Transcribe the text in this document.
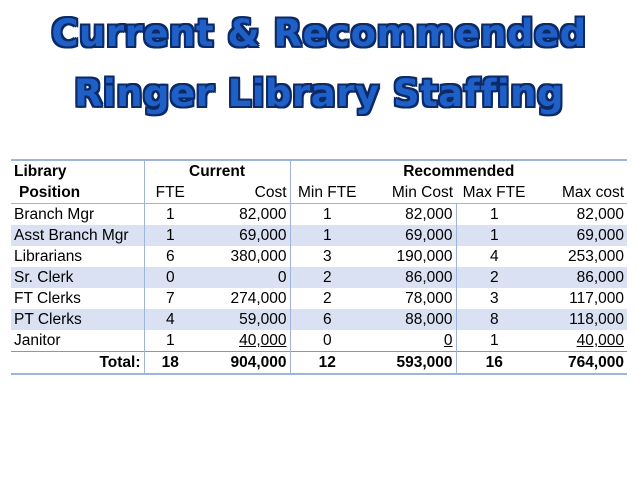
Current & Recommended
Ringer Library Staffing
Library	Current		Recommended			
Position	FTE	Cost	Min FTE	Min Cost	Max FTE	Max cost
Branch Mgr	1	82,000	1	82,000	1	82,000
Asst Branch Mgr	1	69,000	1	69,000	1	69,000
Librarians	6	380,000	3	190,000	4	253,000
Sr. Clerk	0	0	2	86,000	2	86,000
FT Clerks	7	274,000	2	78,000	3	117,000
PT Clerks	4	59,000	6	88,000	8	118,000
Janitor	1	40,000	0	0	1	40,000
Total:	18	904,000	12	593,000	16	764,000
